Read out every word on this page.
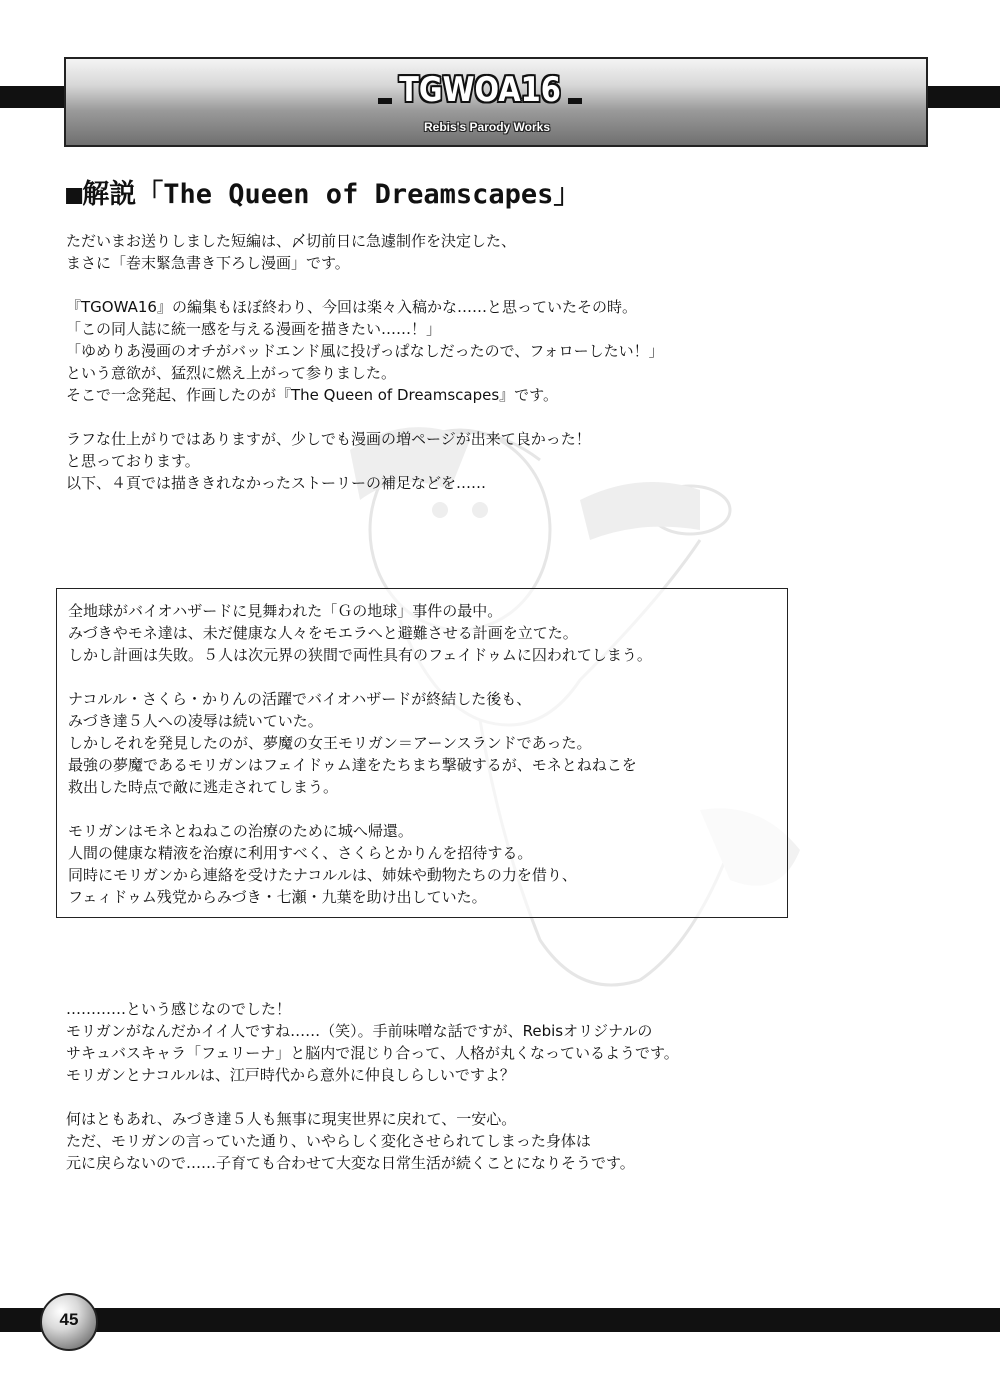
TGWOA16
Rebis's Parody Works
■解説「The Queen of Dreamscapes」

ただいまお送りしました短編は、〆切前日に急遽制作を決定した、

まさに「巻末緊急書き下ろし漫画」です。

『TGOWA16』の編集もほぼ終わり、今回は楽々入稿かな……と思っていたその時。

「この同人誌に統一感を与える漫画を描きたい……！」

「ゆめりあ漫画のオチがバッドエンド風に投げっぱなしだったので、フォローしたい！」

という意欲が、猛烈に燃え上がって参りました。

そこで一念発起、作画したのが『The Queen of Dreamscapes』です。

ラフな仕上がりではありますが、少しでも漫画の増ページが出来て良かった！

と思っております。

以下、４頁では描ききれなかったストーリーの補足などを……

全地球がバイオハザードに見舞われた「Ｇの地球」事件の最中。

みづきやモネ達は、未だ健康な人々をモエラへと避難させる計画を立てた。

しかし計画は失敗。５人は次元界の狭間で両性具有のフェイドゥムに囚われてしまう。

ナコルル・さくら・かりんの活躍でバイオハザードが終結した後も、

みづき達５人への凌辱は続いていた。

しかしそれを発見したのが、夢魔の女王モリガン＝アーンスランドであった。

最強の夢魔であるモリガンはフェイドゥム達をたちまち撃破するが、モネとねねこを

救出した時点で敵に逃走されてしまう。

モリガンはモネとねねこの治療のために城へ帰還。

人間の健康な精液を治療に利用すべく、さくらとかりんを招待する。

同時にモリガンから連絡を受けたナコルルは、姉妹や動物たちの力を借り、

フェィドゥム残党からみづき・七瀬・九葉を助け出していた。

…………という感じなのでした！

モリガンがなんだかイイ人ですね……（笑）。手前味噌な話ですが、Rebisオリジナルの

サキュバスキャラ「フェリーナ」と脳内で混じり合って、人格が丸くなっているようです。

モリガンとナコルルは、江戸時代から意外に仲良しらしいですよ？

何はともあれ、みづき達５人も無事に現実世界に戻れて、一安心。

ただ、モリガンの言っていた通り、いやらしく変化させられてしまった身体は

元に戻らないので……子育ても合わせて大変な日常生活が続くことになりそうです。

45
